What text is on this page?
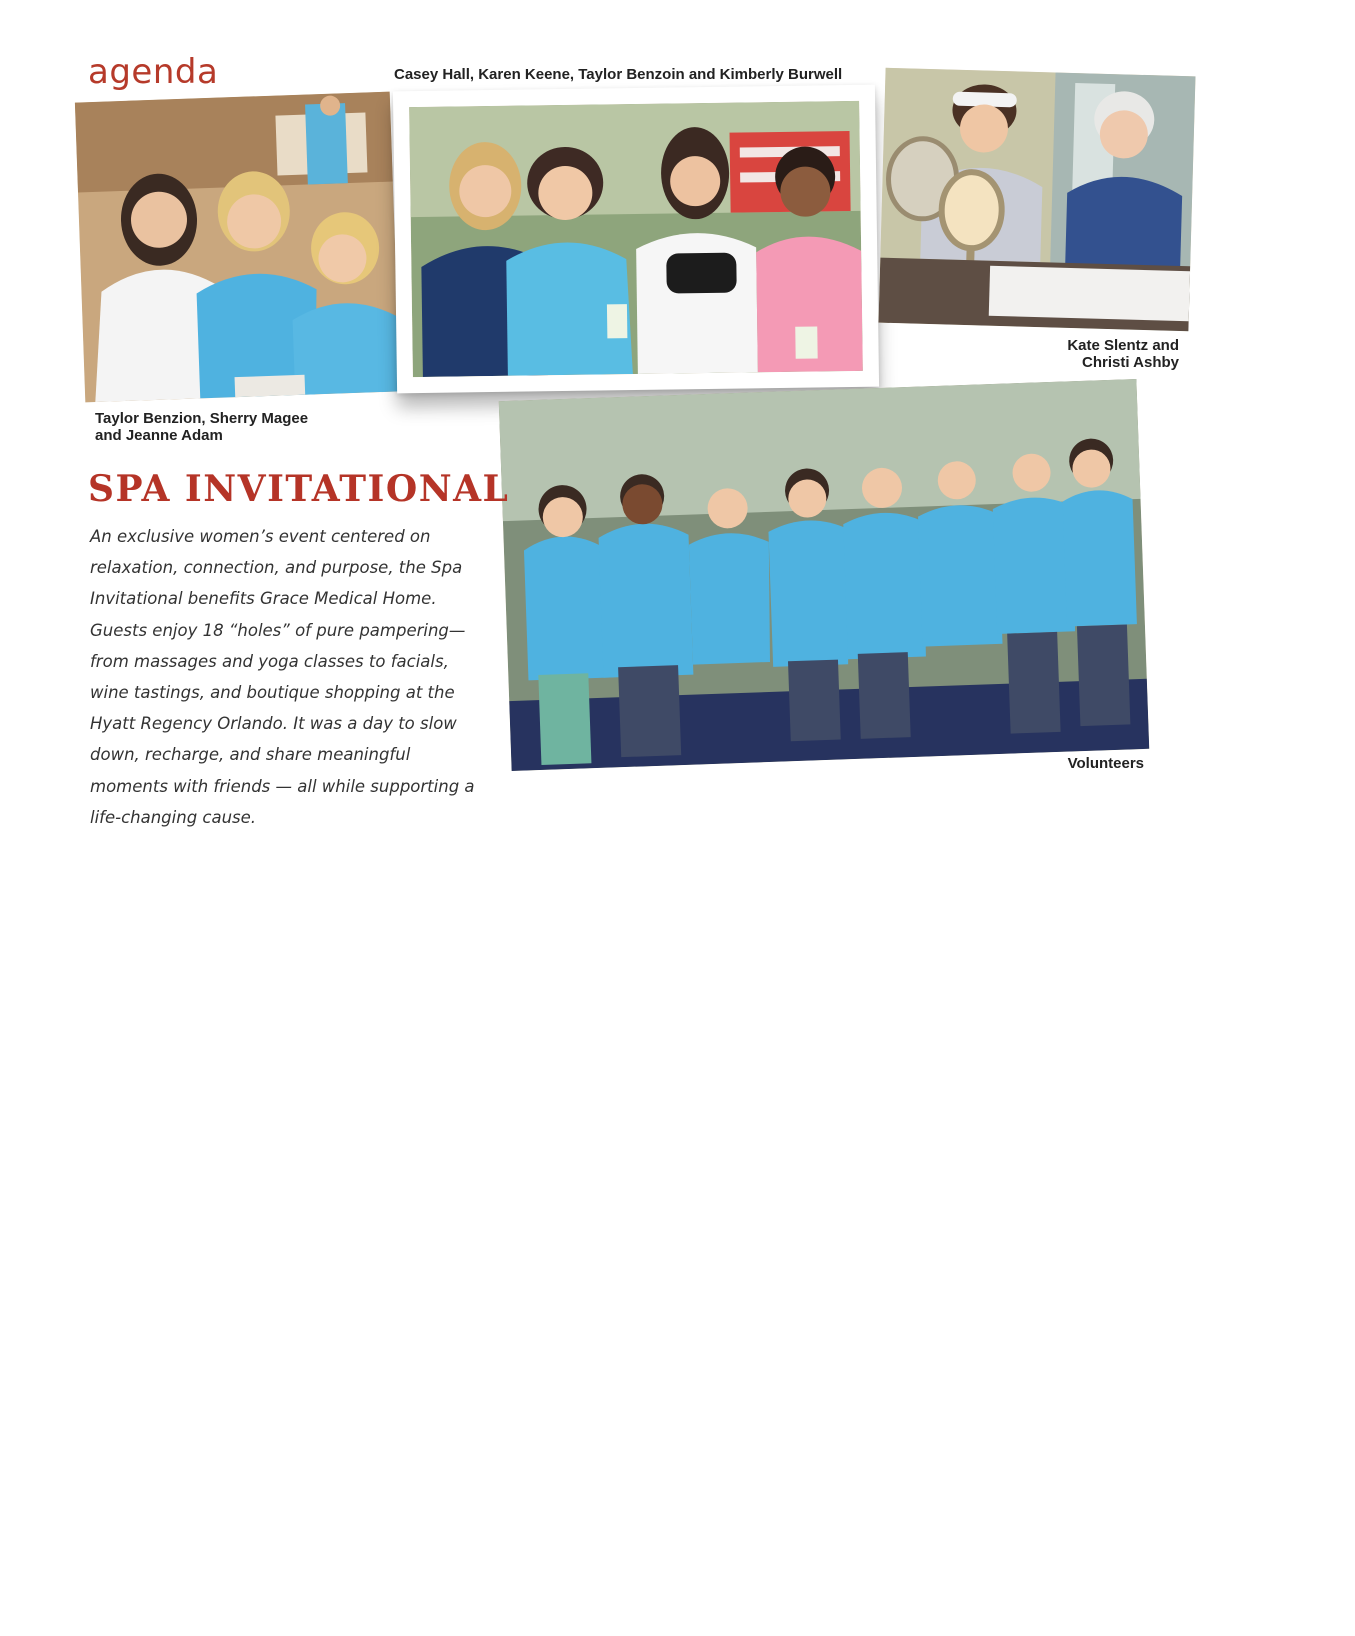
agenda

Taylor Benzion, Sherry Magee
and Jeanne Adam

Casey Hall, Karen Keene, Taylor Benzoin and Kimberly Burwell

Kate Slentz and
Christi Ashby

Volunteers

SPA INVITATIONAL

An exclusive women’s event centered on relaxation, connection, and purpose, the Spa Invitational benefits Grace Medical Home. Guests enjoy 18 “holes” of pure pampering—from massages and yoga classes to facials, wine tastings, and boutique shopping at the Hyatt Regency Orlando. It was a day to slow down, recharge, and share meaningful moments with friends — all while supporting a life-changing cause.
